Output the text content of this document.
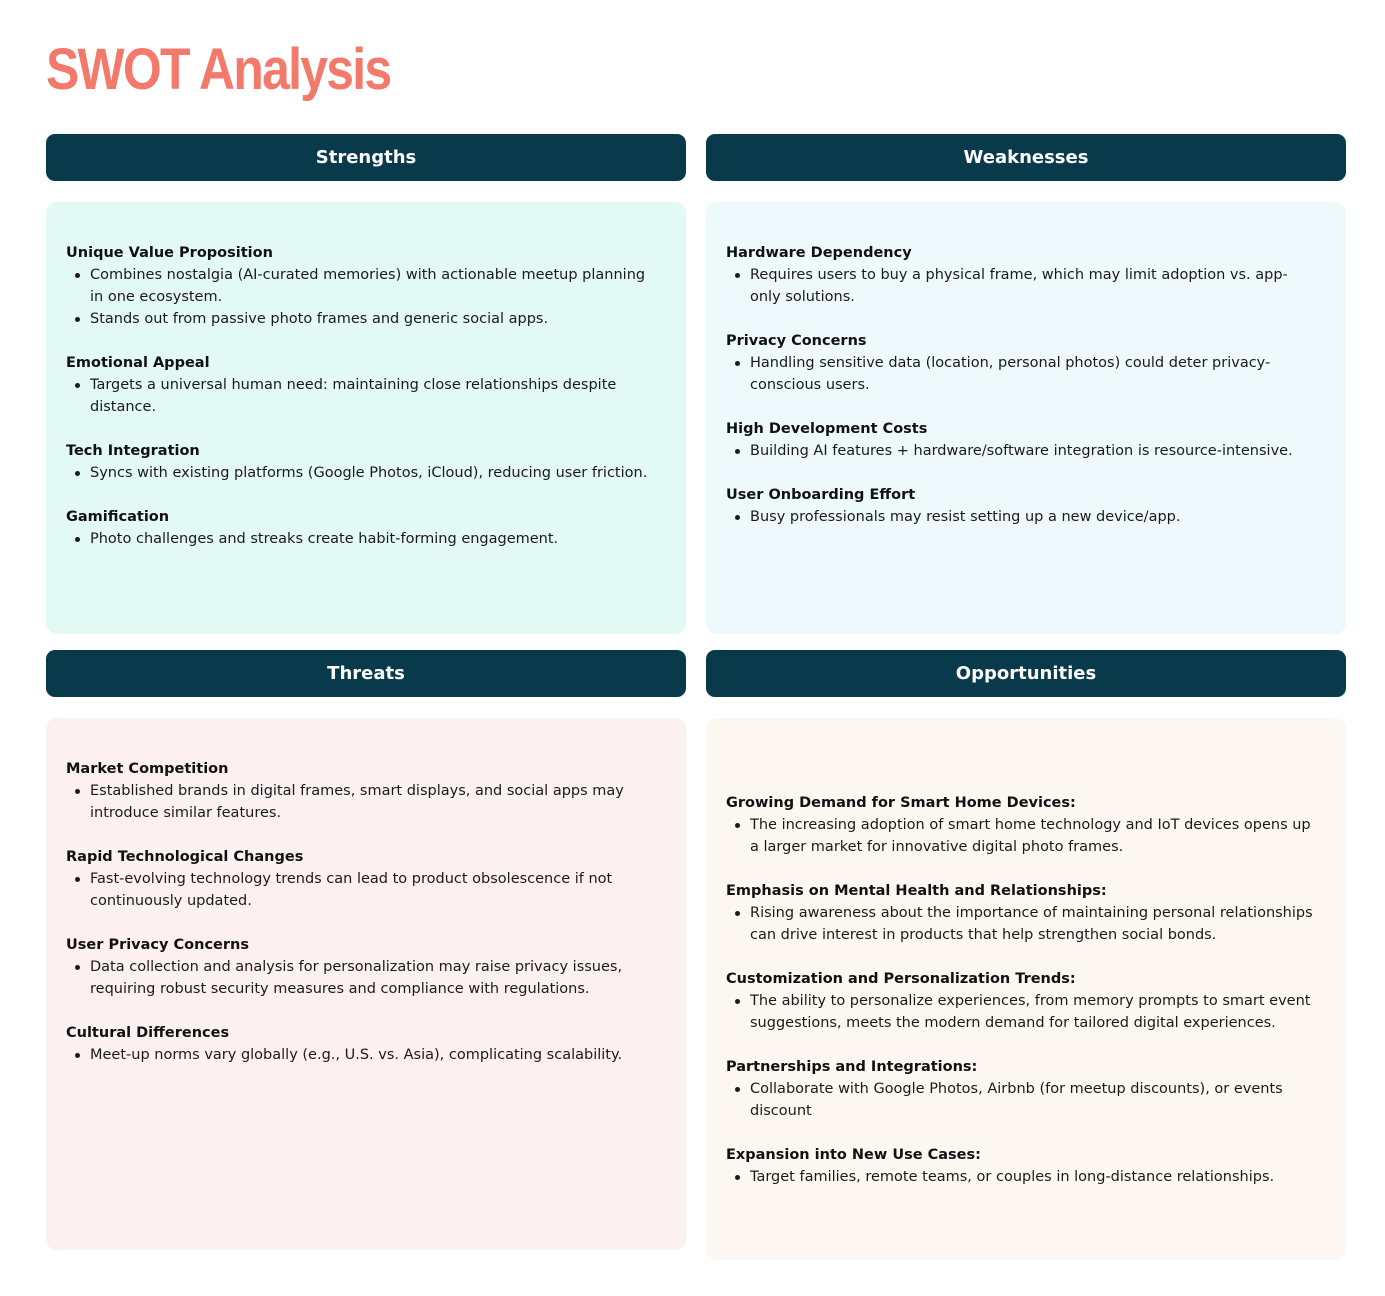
SWOT Analysis
Strengths	Weaknesses
Threats	Opportunities
Unique Value Proposition
Combines nostalgia (AI-curated memories) with actionable meetup planning in one ecosystem.
Stands out from passive photo frames and generic social apps.
Emotional Appeal
Targets a universal human need: maintaining close relationships despite distance.
Tech Integration
Syncs with existing platforms (Google Photos, iCloud), reducing user friction.
Gamification
Photo challenges and streaks create habit-forming engagement.
Hardware Dependency
Requires users to buy a physical frame, which may limit adoption vs. app-only solutions.
Privacy Concerns
Handling sensitive data (location, personal photos) could deter privacy-conscious users.
High Development Costs
Building AI features + hardware/software integration is resource-intensive.
User Onboarding Effort
Busy professionals may resist setting up a new device/app.
Market Competition
Established brands in digital frames, smart displays, and social apps may introduce similar features.
Rapid Technological Changes
Fast-evolving technology trends can lead to product obsolescence if not continuously updated.
User Privacy Concerns
Data collection and analysis for personalization may raise privacy issues, requiring robust security measures and compliance with regulations.
Cultural Differences
Meet-up norms vary globally (e.g., U.S. vs. Asia), complicating scalability.
Growing Demand for Smart Home Devices:
The increasing adoption of smart home technology and IoT devices opens up a larger market for innovative digital photo frames.
Emphasis on Mental Health and Relationships:
Rising awareness about the importance of maintaining personal relationships can drive interest in products that help strengthen social bonds.
Customization and Personalization Trends:
The ability to personalize experiences, from memory prompts to smart event suggestions, meets the modern demand for tailored digital experiences.
Partnerships and Integrations:
Collaborate with Google Photos, Airbnb (for meetup discounts), or events discount
Expansion into New Use Cases:
Target families, remote teams, or couples in long-distance relationships.
